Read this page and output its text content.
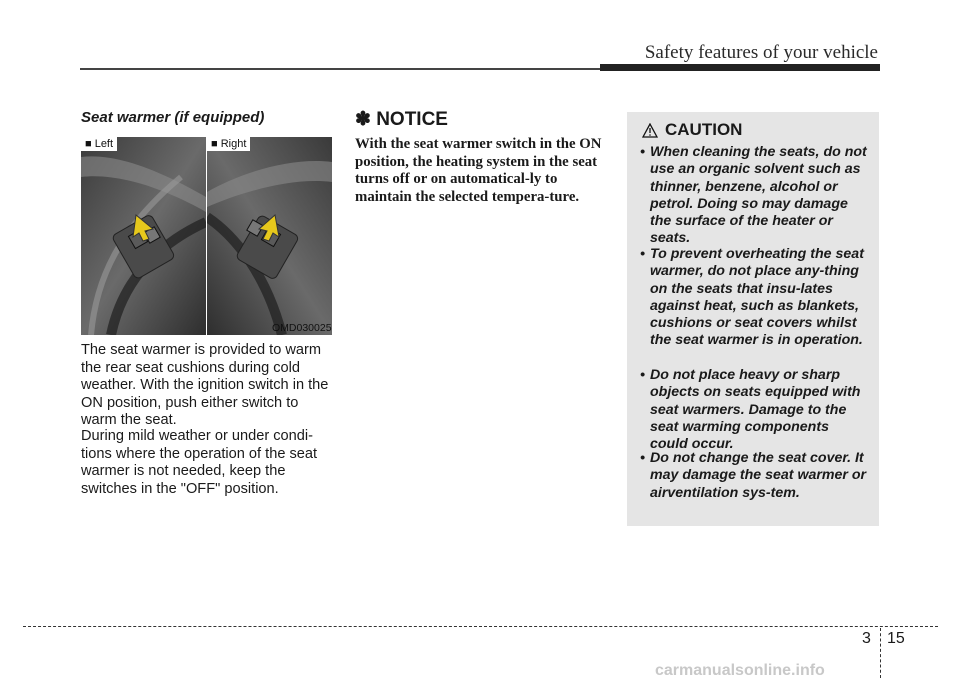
Safety features of your vehicle
Seat warmer (if equipped)
■ Left	■ Right
OMD030025
The seat warmer is provided to warm the rear seat cushions during cold weather. With the ignition switch in the ON position, push either switch to warm the seat.
During mild weather or under condi-tions where the operation of the seat warmer is not needed, keep the switches in the "OFF" position.
✽ NOTICE
With the seat warmer switch in the ON position, the heating system in the seat turns off or on automatical-ly to maintain the selected tempera-ture.
CAUTION
• When cleaning the seats, do not use an organic solvent such as thinner, benzene, alcohol or petrol. Doing so may damage the surface of the heater or seats.
• To prevent overheating the seat warmer, do not place any-thing on the seats that insu-lates against heat, such as blankets, cushions or seat covers whilst the seat warmer is in operation.
• Do not place heavy or sharp objects on seats equipped with seat warmers. Damage to the seat warming components could occur.
• Do not change the seat cover. It may damage the seat warmer or airventilation sys-tem.
3 15
carmanualsonline.info
